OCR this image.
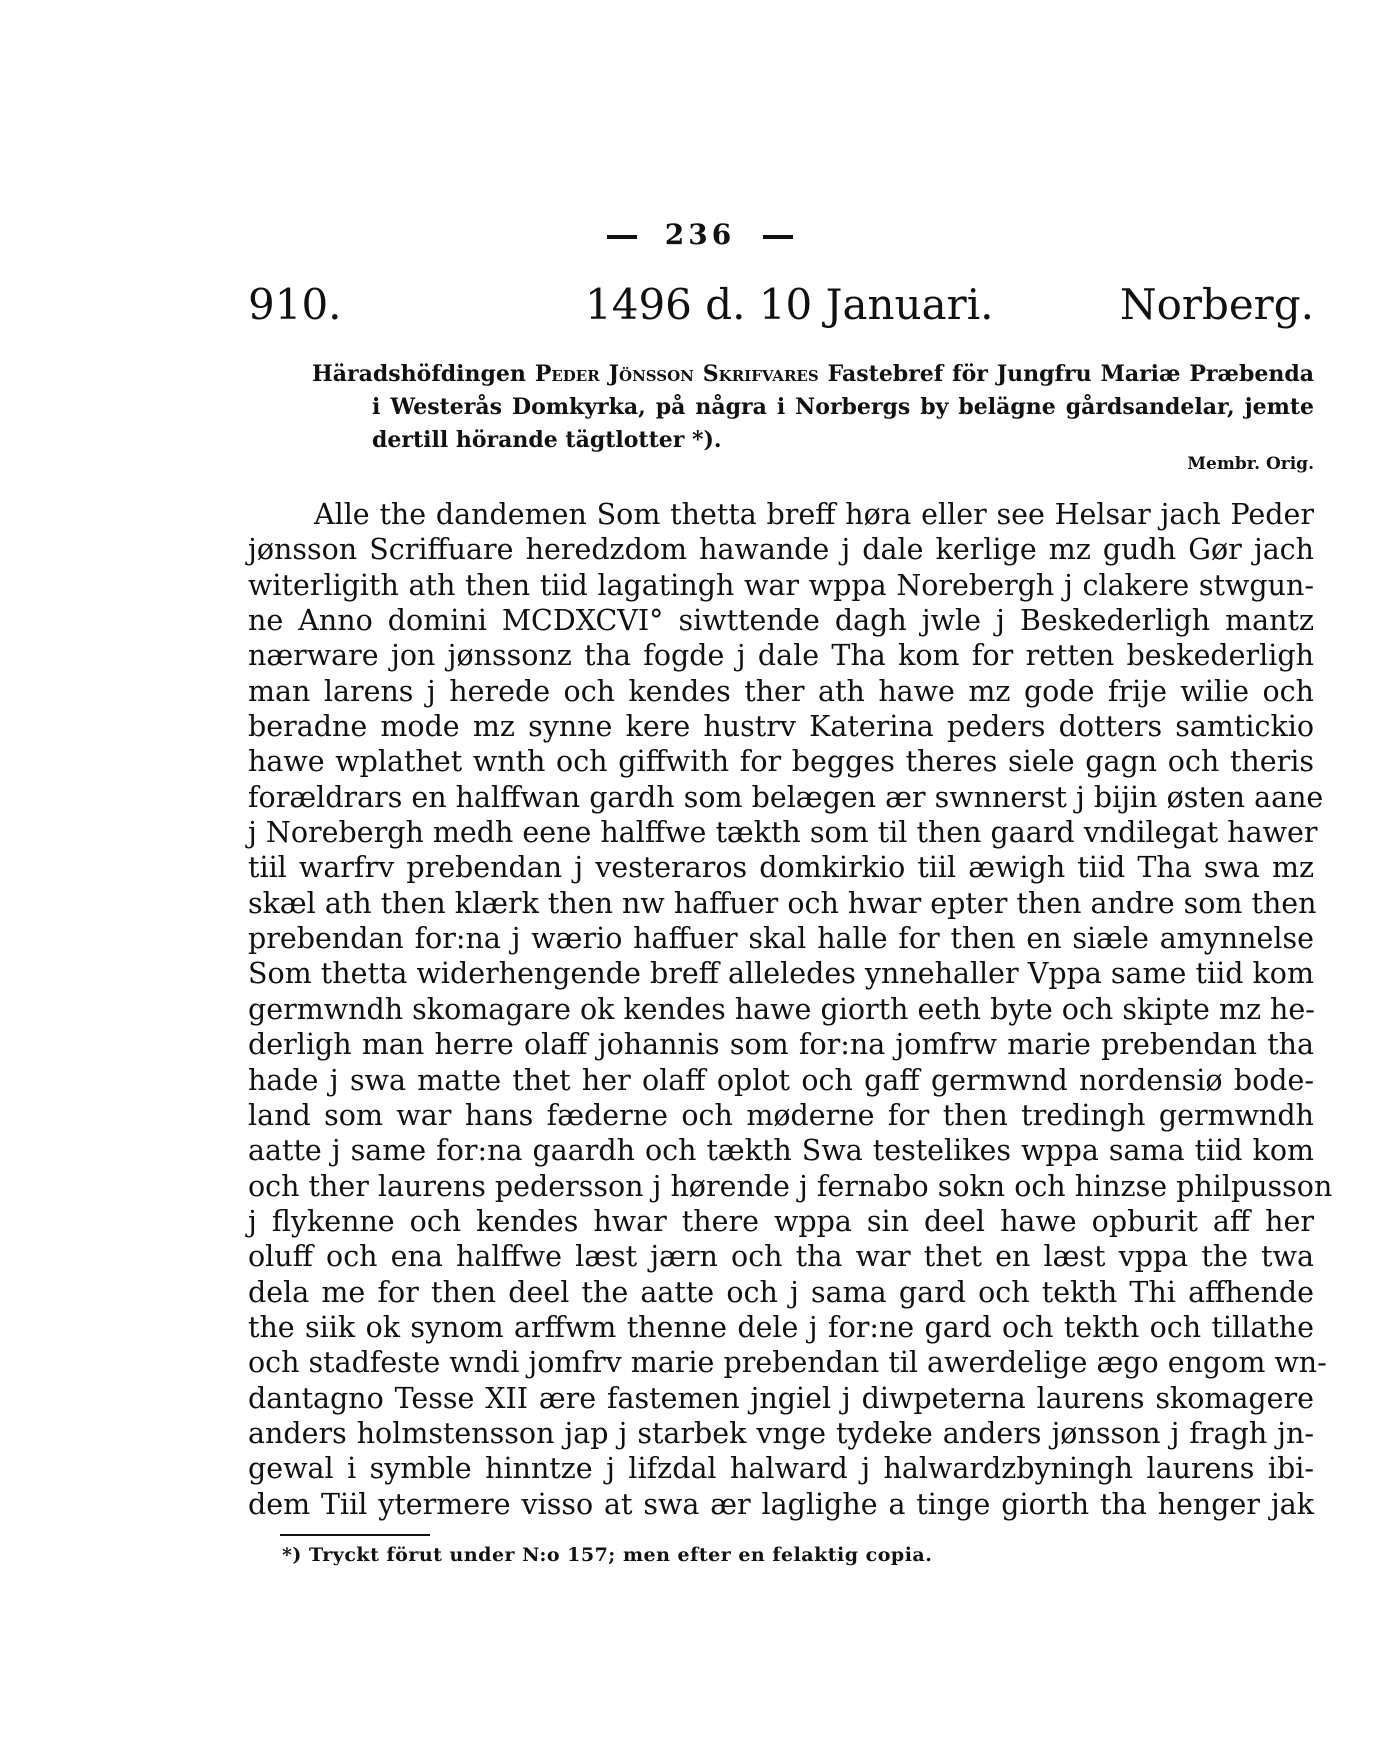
236
910.	1496 d. 10 Januari.	Norberg.
Häradshöfdingen Peder Jönsson Skrifvares Fastebref för Jungfru Mariæ Præbenda i Westerås Domkyrka, på några i Norbergs by belägne gårdsandelar, jemte dertill hörande tägtlotter *).
Membr. Orig.
Alle the dandemen Som thetta breff høra eller see Helsar jach Peder
jønsson Scriffuare heredzdom hawande j dale kerlige mz gudh Gør jach
witerligith ath then tiid lagatingh war wppa Norebergh j clakere stwgun-
ne Anno domini MCDXCVI° siwttende dagh jwle j Beskederligh mantz
nærware jon jønssonz tha fogde j dale Tha kom for retten beskederligh
man larens j herede och kendes ther ath hawe mz gode frije wilie och
beradne mode mz synne kere hustrv Katerina peders dotters samtickio
hawe wplathet wnth och giffwith for begges theres siele gagn och theris
forældrars en halffwan gardh som belægen ær swnnerst j bijin østen aane
j Norebergh medh eene halffwe tækth som til then gaard vndilegat hawer
tiil warfrv prebendan j vesteraros domkirkio tiil æwigh tiid Tha swa mz
skæl ath then klærk then nw haffuer och hwar epter then andre som then
prebendan for:na j wærio haffuer skal halle for then en siæle amynnelse
Som thetta widerhengende breff alleledes ynnehaller Vppa same tiid kom
germwndh skomagare ok kendes hawe giorth eeth byte och skipte mz he-
derligh man herre olaff johannis som for:na jomfrw marie prebendan tha
hade j swa matte thet her olaff oplot och gaff germwnd nordensiø bode-
land som war hans fæderne och møderne for then tredingh germwndh
aatte j same for:na gaardh och tækth Swa testelikes wppa sama tiid kom
och ther laurens pedersson j hørende j fernabo sokn och hinzse philpusson
j flykenne och kendes hwar there wppa sin deel hawe opburit aff her
oluff och ena halffwe læst jærn och tha war thet en læst vppa the twa
dela me for then deel the aatte och j sama gard och tekth Thi affhende
the siik ok synom arffwm thenne dele j for:ne gard och tekth och tillathe
och stadfeste wndi jomfrv marie prebendan til awerdelige ægo engom wn-
dantagno Tesse XII ære fastemen jngiel j diwpeterna laurens skomagere
anders holmstensson jap j starbek vnge tydeke anders jønsson j fragh jn-
gewal i symble hinntze j lifzdal halward j halwardzbyningh laurens ibi-
dem Tiil ytermere visso at swa ær laglighe a tinge giorth tha henger jak
*) Tryckt förut under N:o 157; men efter en felaktig copia.
